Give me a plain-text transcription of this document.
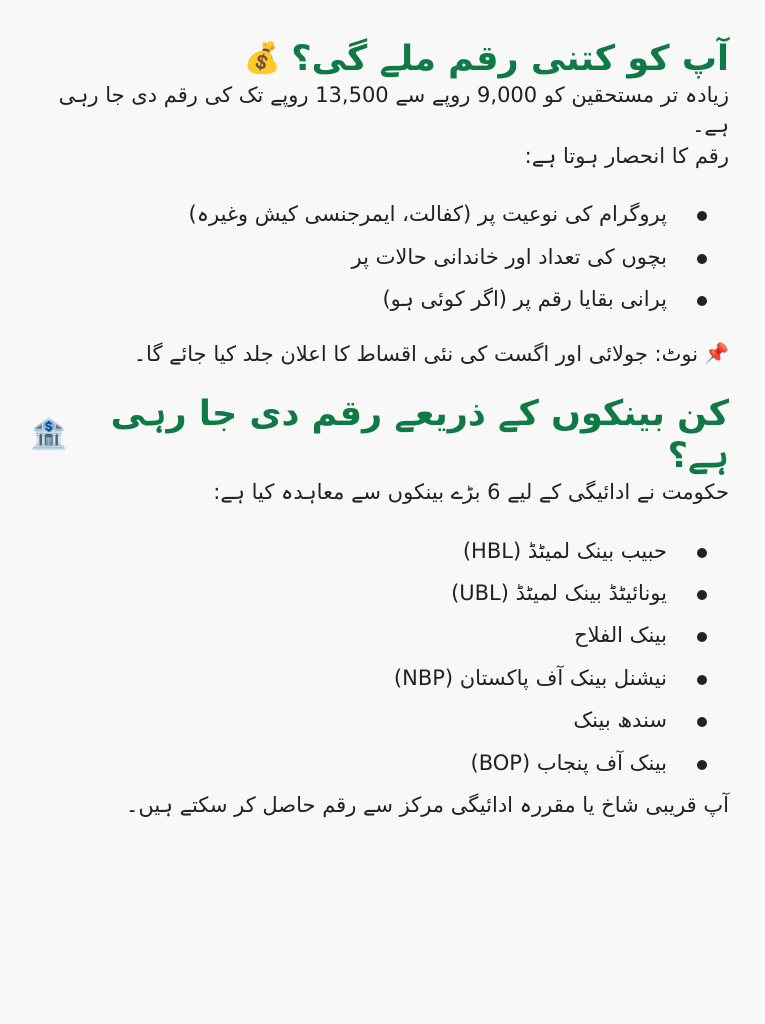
آپ کو کتنی رقم ملے گی؟
💰

زیادہ تر مستحقین کو 9,000 روپے سے 13,500 روپے تک کی رقم دی جا رہی ہے۔

رقم کا انحصار ہوتا ہے:

پروگرام کی نوعیت پر (کفالت، ایمرجنسی کیش وغیرہ)
بچوں کی تعداد اور خاندانی حالات پر
پرانی بقایا رقم پر (اگر کوئی ہو)
📌
نوٹ: جولائی اور اگست کی نئی اقساط کا اعلان جلد کیا جائے گا۔
کن بینکوں کے ذریعے رقم دی جا رہی ہے؟
🏦

حکومت نے ادائیگی کے لیے 6 بڑے بینکوں سے معاہدہ کیا ہے:

حبیب بینک لمیٹڈ (HBL)
یونائیٹڈ بینک لمیٹڈ (UBL)
بینک الفلاح
نیشنل بینک آف پاکستان (NBP)
سندھ بینک
بینک آف پنجاب (BOP)

آپ قریبی شاخ یا مقررہ ادائیگی مرکز سے رقم حاصل کر سکتے ہیں۔
